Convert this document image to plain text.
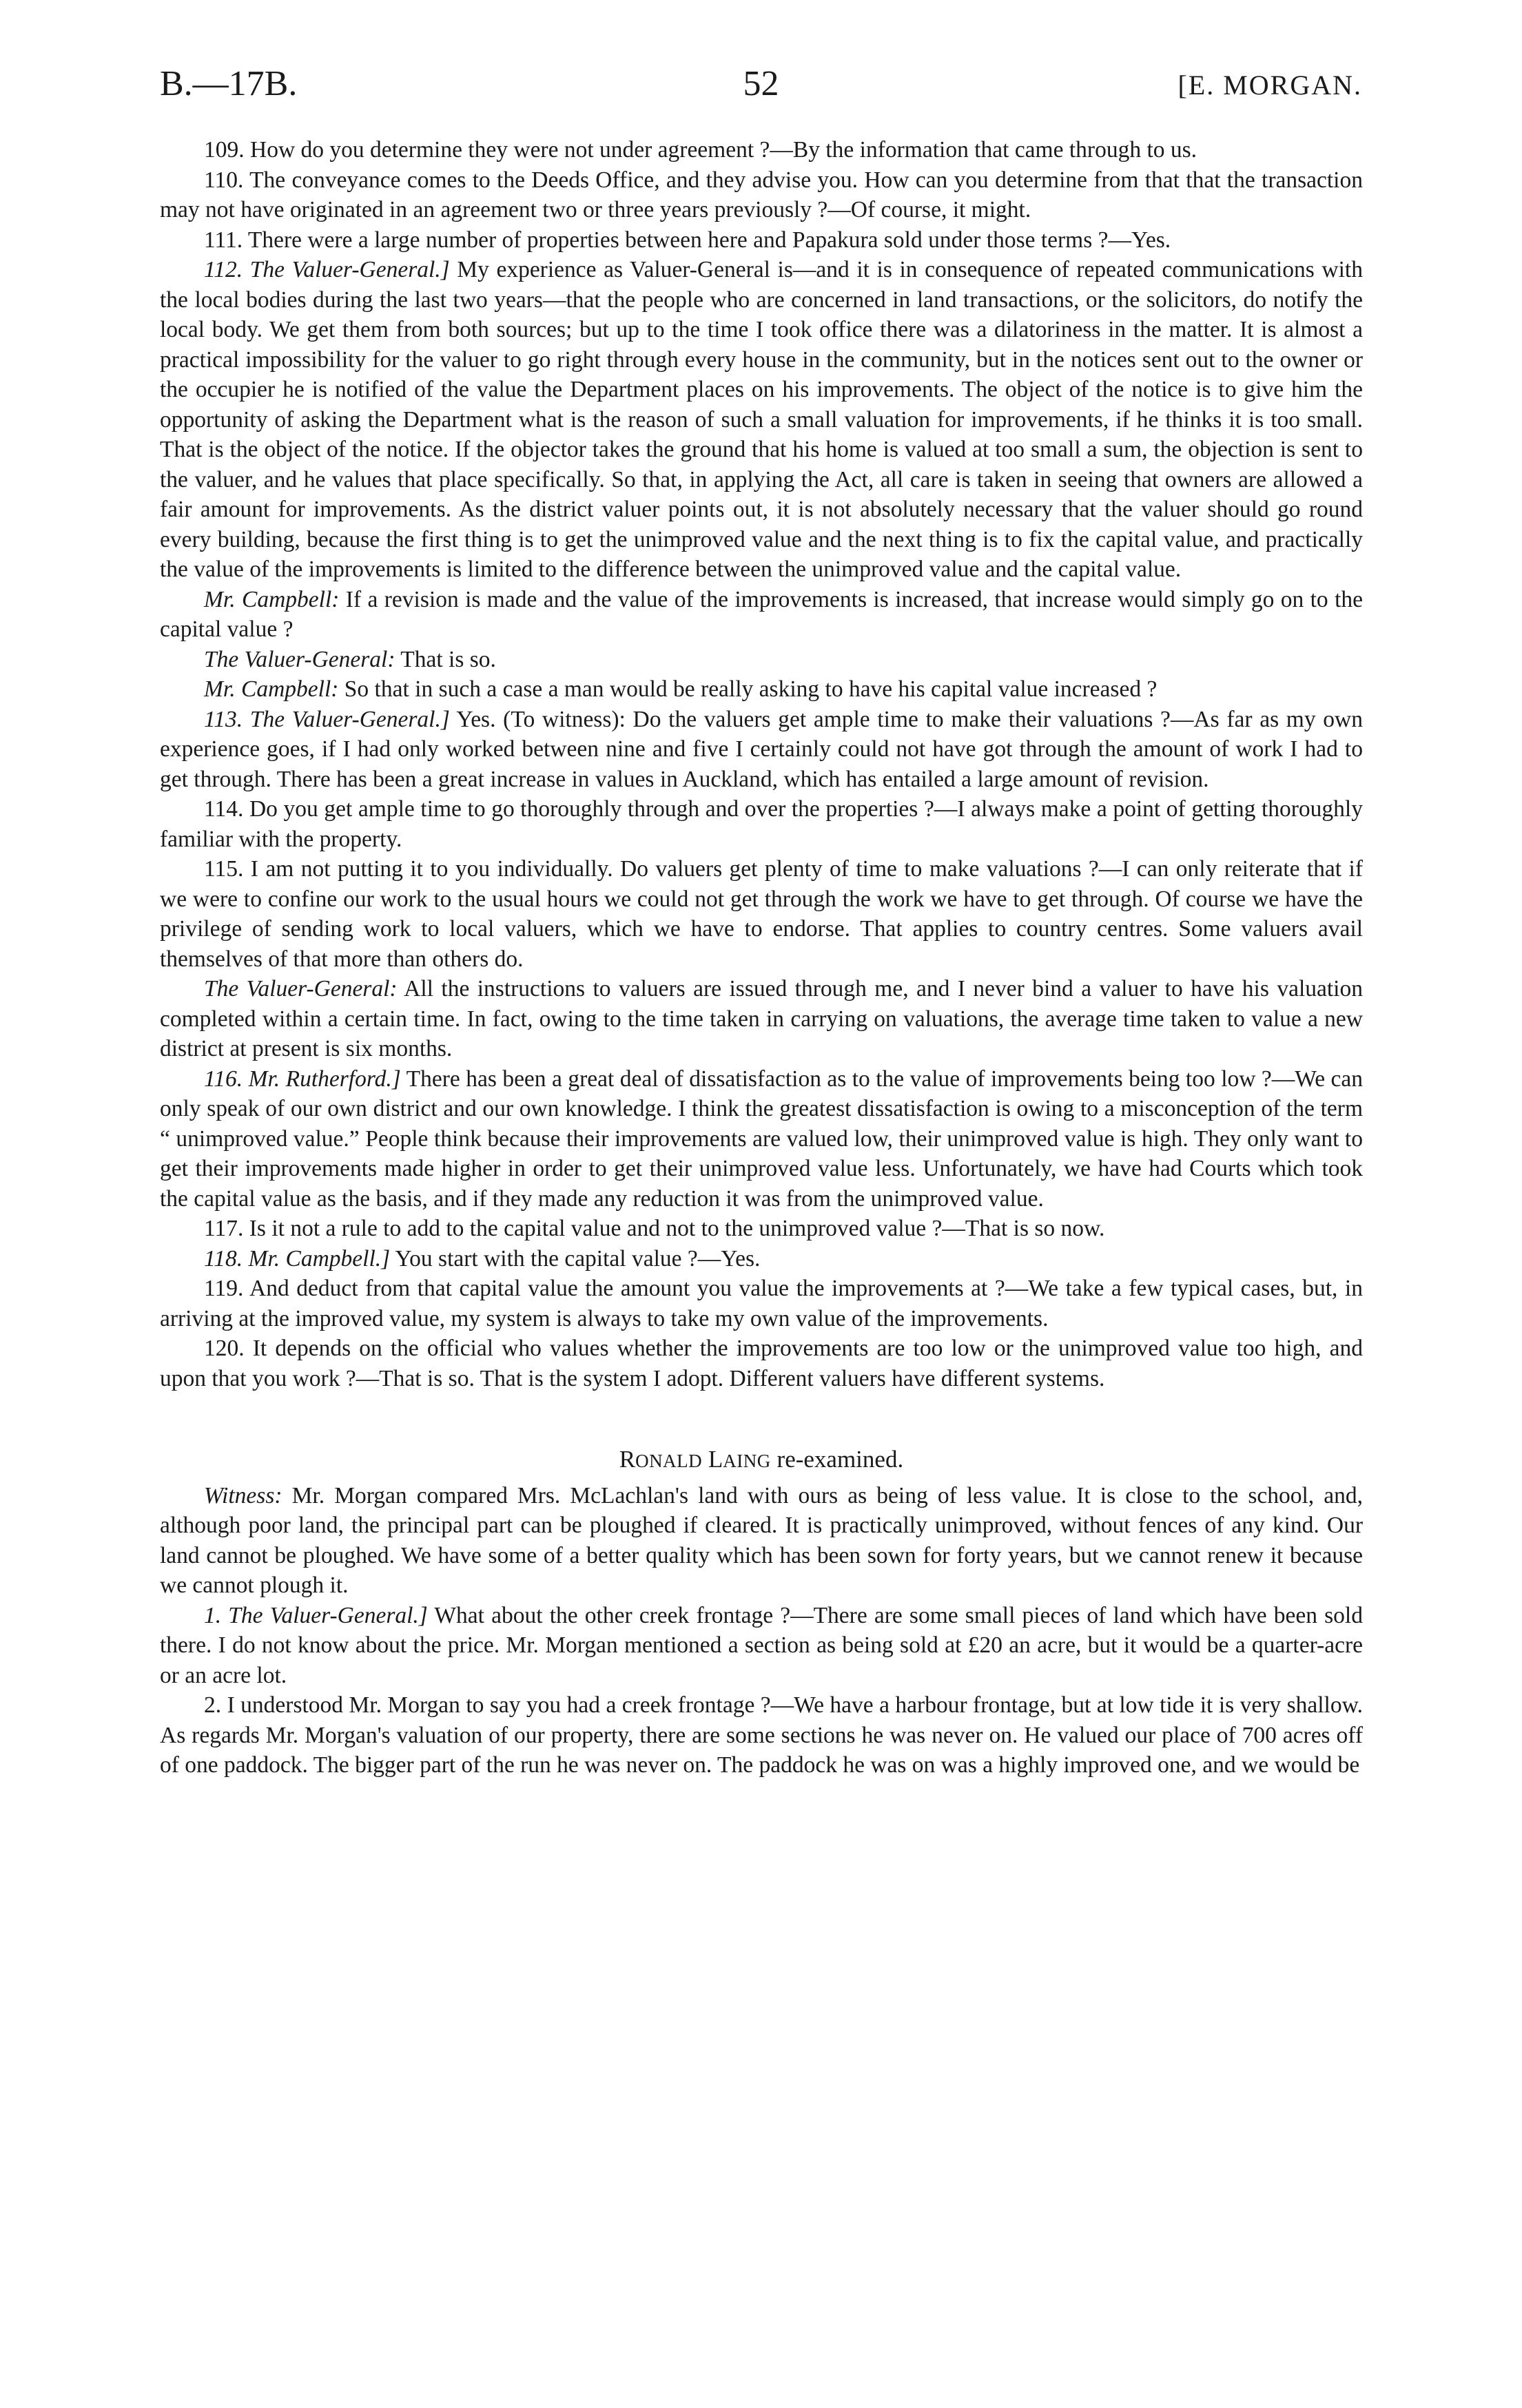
B.—17B.	52	[E. MORGAN.

109. How do you determine they were not under agreement ?—By the information that came through to us.

110. The conveyance comes to the Deeds Office, and they advise you. How can you determine from that that the transaction may not have originated in an agreement two or three years previously ?—Of course, it might.

111. There were a large number of properties between here and Papakura sold under those terms ?—Yes.

112. The Valuer-General.] My experience as Valuer-General is—and it is in consequence of repeated communications with the local bodies during the last two years—that the people who are concerned in land transactions, or the solicitors, do notify the local body. We get them from both sources; but up to the time I took office there was a dilatoriness in the matter. It is almost a practical impossibility for the valuer to go right through every house in the community, but in the notices sent out to the owner or the occupier he is notified of the value the Department places on his improvements. The object of the notice is to give him the opportunity of asking the Department what is the reason of such a small valuation for improvements, if he thinks it is too small. That is the object of the notice. If the objector takes the ground that his home is valued at too small a sum, the objection is sent to the valuer, and he values that place specifically. So that, in applying the Act, all care is taken in seeing that owners are allowed a fair amount for improvements. As the district valuer points out, it is not absolutely necessary that the valuer should go round every building, because the first thing is to get the unimproved value and the next thing is to fix the capital value, and practically the value of the improvements is limited to the difference between the unimproved value and the capital value.

Mr. Campbell: If a revision is made and the value of the improvements is increased, that increase would simply go on to the capital value ?

The Valuer-General: That is so.

Mr. Campbell: So that in such a case a man would be really asking to have his capital value increased ?

113. The Valuer-General.] Yes. (To witness): Do the valuers get ample time to make their valuations ?—As far as my own experience goes, if I had only worked between nine and five I certainly could not have got through the amount of work I had to get through. There has been a great increase in values in Auckland, which has entailed a large amount of revision.

114. Do you get ample time to go thoroughly through and over the properties ?—I always make a point of getting thoroughly familiar with the property.

115. I am not putting it to you individually. Do valuers get plenty of time to make valuations ?—I can only reiterate that if we were to confine our work to the usual hours we could not get through the work we have to get through. Of course we have the privilege of sending work to local valuers, which we have to endorse. That applies to country centres. Some valuers avail themselves of that more than others do.

The Valuer-General: All the instructions to valuers are issued through me, and I never bind a valuer to have his valuation completed within a certain time. In fact, owing to the time taken in carrying on valuations, the average time taken to value a new district at present is six months.

116. Mr. Rutherford.] There has been a great deal of dissatisfaction as to the value of improvements being too low ?—We can only speak of our own district and our own knowledge. I think the greatest dissatisfaction is owing to a misconception of the term “ unimproved value.” People think because their improvements are valued low, their unimproved value is high. They only want to get their improvements made higher in order to get their unimproved value less. Unfortunately, we have had Courts which took the capital value as the basis, and if they made any reduction it was from the unimproved value.

117. Is it not a rule to add to the capital value and not to the unimproved value ?—That is so now.

118. Mr. Campbell.] You start with the capital value ?—Yes.

119. And deduct from that capital value the amount you value the improvements at ?—We take a few typical cases, but, in arriving at the improved value, my system is always to take my own value of the improvements.

120. It depends on the official who values whether the improvements are too low or the unimproved value too high, and upon that you work ?—That is so. That is the system I adopt. Different valuers have different systems.

RONALD LAING re-examined.

Witness: Mr. Morgan compared Mrs. McLachlan's land with ours as being of less value. It is close to the school, and, although poor land, the principal part can be ploughed if cleared. It is practically unimproved, without fences of any kind. Our land cannot be ploughed. We have some of a better quality which has been sown for forty years, but we cannot renew it because we cannot plough it.

1. The Valuer-General.] What about the other creek frontage ?—There are some small pieces of land which have been sold there. I do not know about the price. Mr. Morgan mentioned a section as being sold at £20 an acre, but it would be a quarter-acre or an acre lot.

2. I understood Mr. Morgan to say you had a creek frontage ?—We have a harbour frontage, but at low tide it is very shallow. As regards Mr. Morgan's valuation of our property, there are some sections he was never on. He valued our place of 700 acres off of one paddock. The bigger part of the run he was never on. The paddock he was on was a highly improved one, and we would be
